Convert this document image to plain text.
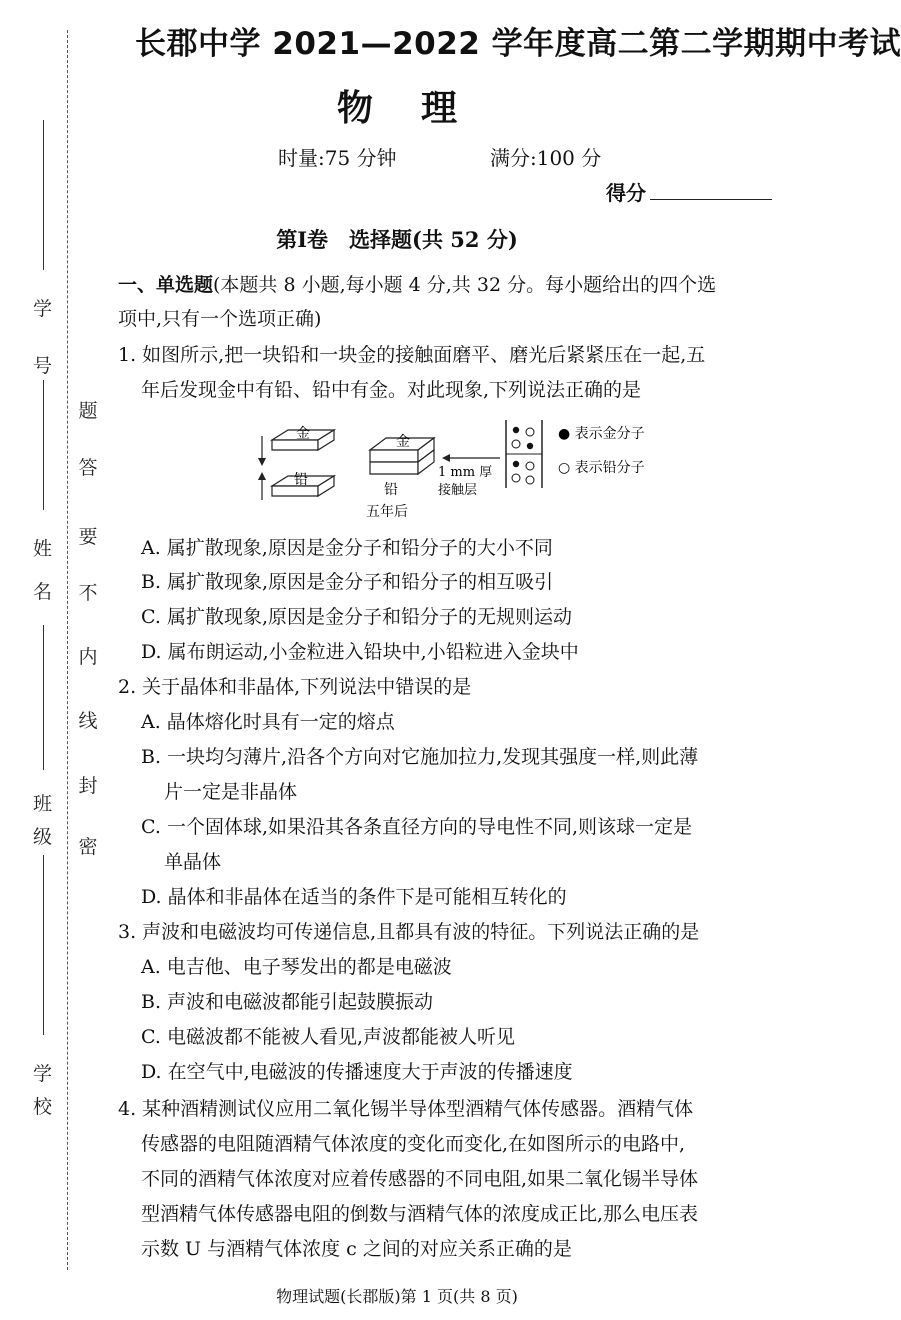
学
号
姓
名
班
级
学
校
题
答
要
不
内
线
封
密
长郡中学 2021—2022 学年度高二第二学期期中考试
物理
时量:75 分钟	满分:100 分
得分
第Ⅰ卷　选择题(共 52 分)
一、单选题(本题共 8 小题,每小题 4 分,共 32 分。每小题给出的四个选
项中,只有一个选项正确)
1. 如图所示,把一块铅和一块金的接触面磨平、磨光后紧紧压在一起,五
年后发现金中有铅、铅中有金。对此现象,下列说法正确的是
金
铅
金
铅
五年后
1 mm 厚
接触层
● 表示金分子
○ 表示铅分子
A. 属扩散现象,原因是金分子和铅分子的大小不同
B. 属扩散现象,原因是金分子和铅分子的相互吸引
C. 属扩散现象,原因是金分子和铅分子的无规则运动
D. 属布朗运动,小金粒进入铅块中,小铅粒进入金块中
2. 关于晶体和非晶体,下列说法中错误的是
A. 晶体熔化时具有一定的熔点
B. 一块均匀薄片,沿各个方向对它施加拉力,发现其强度一样,则此薄
片一定是非晶体
C. 一个固体球,如果沿其各条直径方向的导电性不同,则该球一定是
单晶体
D. 晶体和非晶体在适当的条件下是可能相互转化的
3. 声波和电磁波均可传递信息,且都具有波的特征。下列说法正确的是
A. 电吉他、电子琴发出的都是电磁波
B. 声波和电磁波都能引起鼓膜振动
C. 电磁波都不能被人看见,声波都能被人听见
D. 在空气中,电磁波的传播速度大于声波的传播速度
4. 某种酒精测试仪应用二氧化锡半导体型酒精气体传感器。酒精气体
传感器的电阻随酒精气体浓度的变化而变化,在如图所示的电路中,
不同的酒精气体浓度对应着传感器的不同电阻,如果二氧化锡半导体
型酒精气体传感器电阻的倒数与酒精气体的浓度成正比,那么电压表
示数 U 与酒精气体浓度 c 之间的对应关系正确的是
物理试题(长郡版)第 1 页(共 8 页)
